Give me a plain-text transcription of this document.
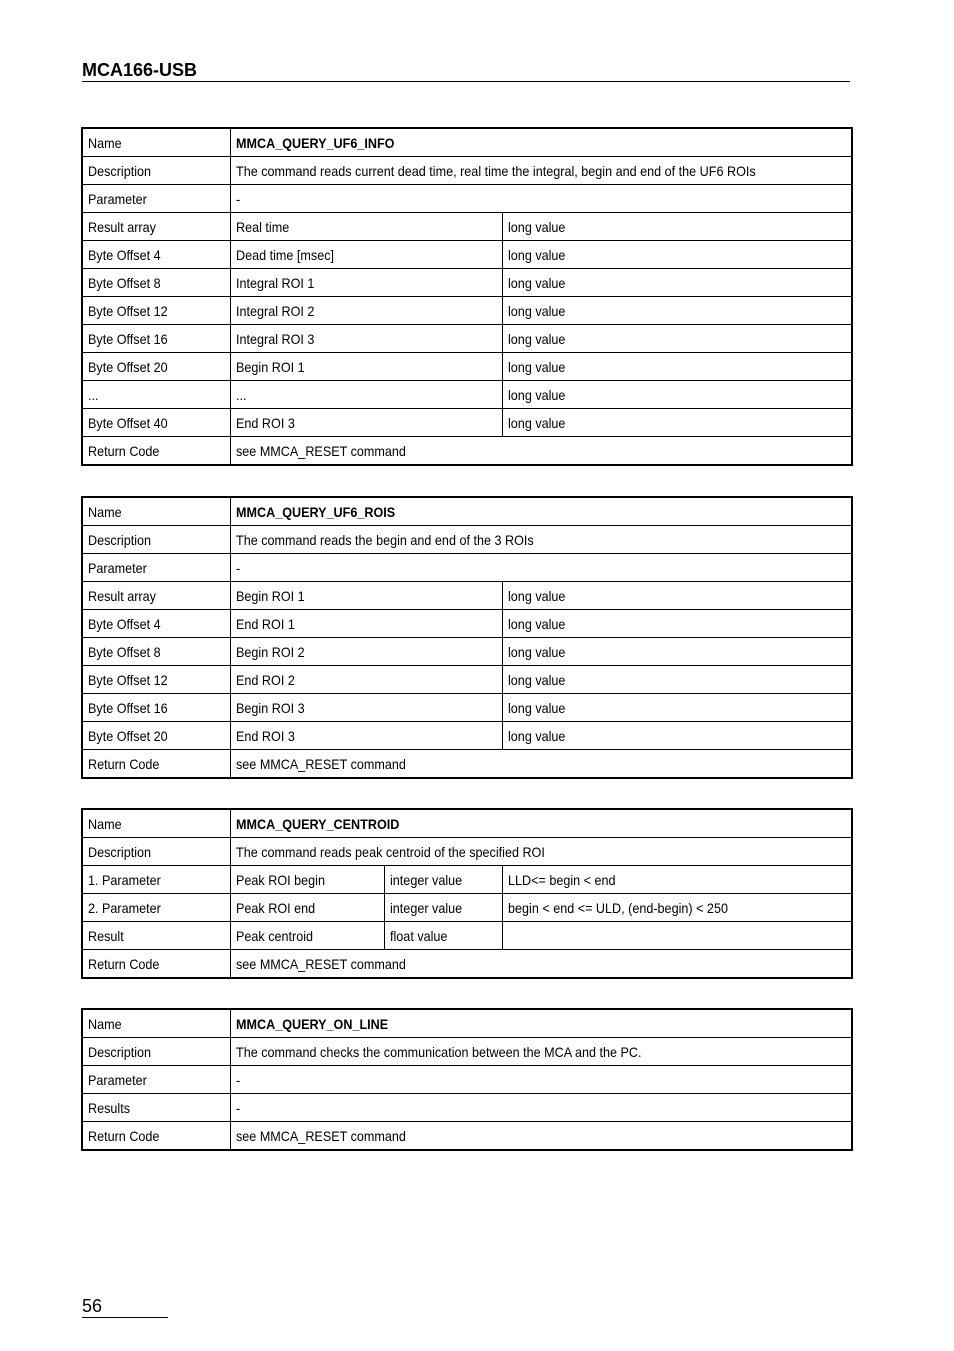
MCA166-USB
Name	MMCA_QUERY_UF6_INFO	
Description	The command reads current dead time, real time the integral, begin and end of the UF6 ROIs	
Parameter	-	
Result array	Real time	long value
Byte Offset 4	Dead time [msec]	long value
Byte Offset 8	Integral ROI 1	long value
Byte Offset 12	Integral ROI 2	long value
Byte Offset 16	Integral ROI 3	long value
Byte Offset 20	Begin ROI 1	long value
...	...	long value
Byte Offset 40	End ROI 3	long value
Return Code	see MMCA_RESET command	
Name	MMCA_QUERY_UF6_ROIS	
Description	The command reads the begin and end of the 3 ROIs	
Parameter	-	
Result array	Begin ROI 1	long value
Byte Offset 4	End ROI 1	long value
Byte Offset 8	Begin ROI 2	long value
Byte Offset 12	End ROI 2	long value
Byte Offset 16	Begin ROI 3	long value
Byte Offset 20	End ROI 3	long value
Return Code	see MMCA_RESET command	
Name	MMCA_QUERY_CENTROID		
Description	The command reads peak centroid of the specified ROI		
1. Parameter	Peak ROI begin	integer value	LLD<= begin < end
2. Parameter	Peak ROI end	integer value	begin < end <= ULD, (end-begin) < 250
Result	Peak centroid	float value	
Return Code	see MMCA_RESET command		
Name	MMCA_QUERY_ON_LINE
Description	The command checks the communication between the MCA and the PC.
Parameter	-
Results	-
Return Code	see MMCA_RESET command
56
